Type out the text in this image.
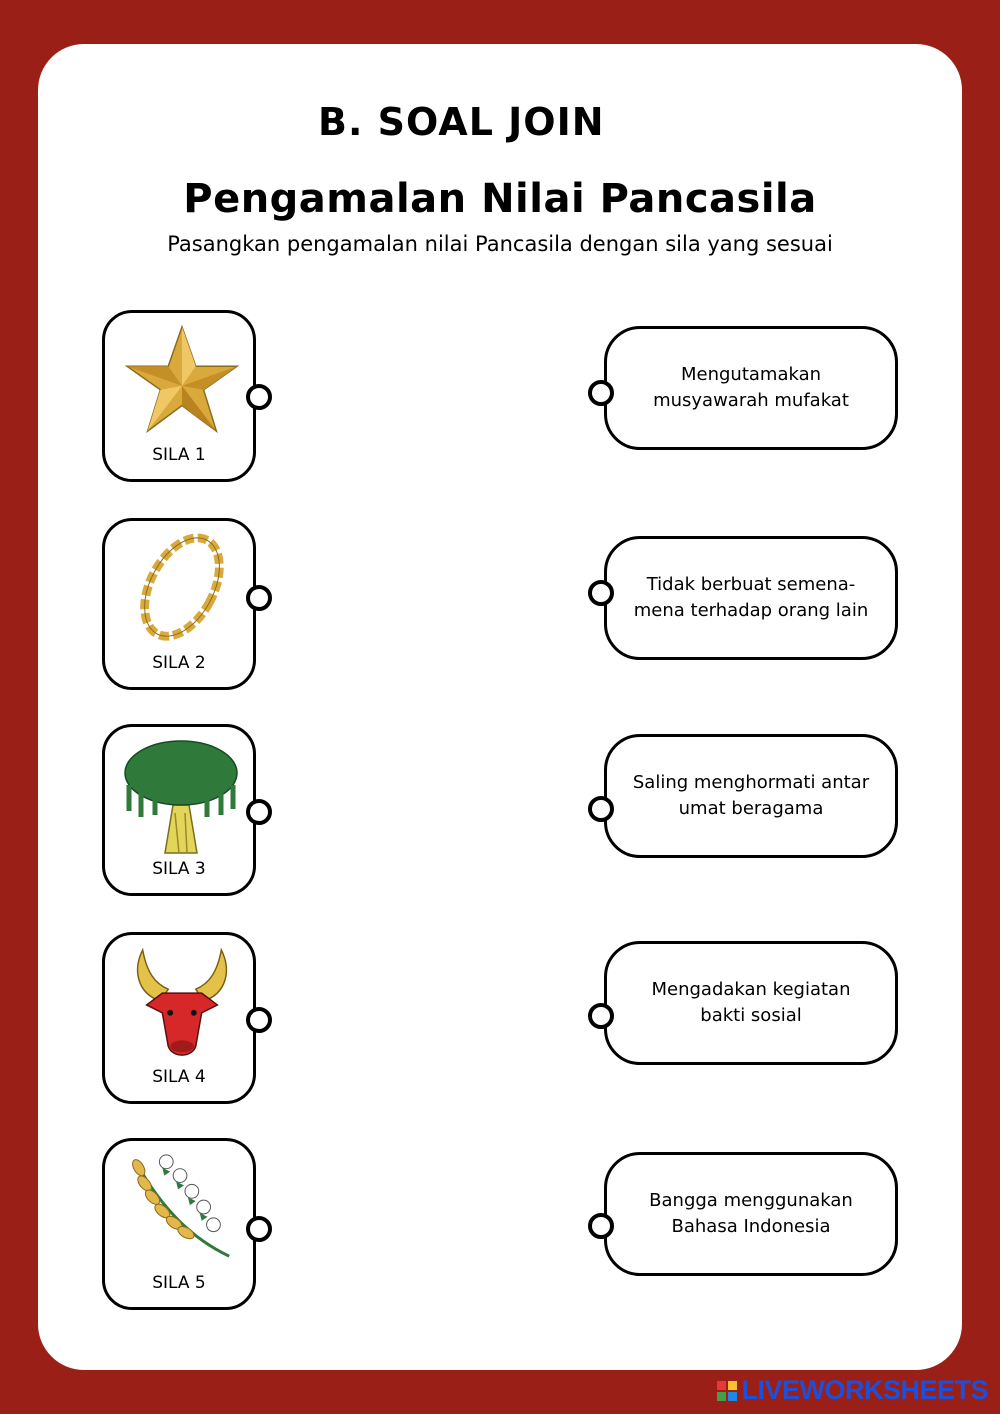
B. SOAL JOIN
Pengamalan Nilai Pancasila
Pasangkan pengamalan nilai Pancasila dengan sila yang sesuai
SILA 1
SILA 2
SILA 3
SILA 4
SILA 5
Mengutamakan musyawarah mufakat
Tidak berbuat semena-mena terhadap orang lain
Saling menghormati antar umat beragama
Mengadakan kegiatan bakti sosial
Bangga menggunakan Bahasa Indonesia
LIVEWORKSHEETS
